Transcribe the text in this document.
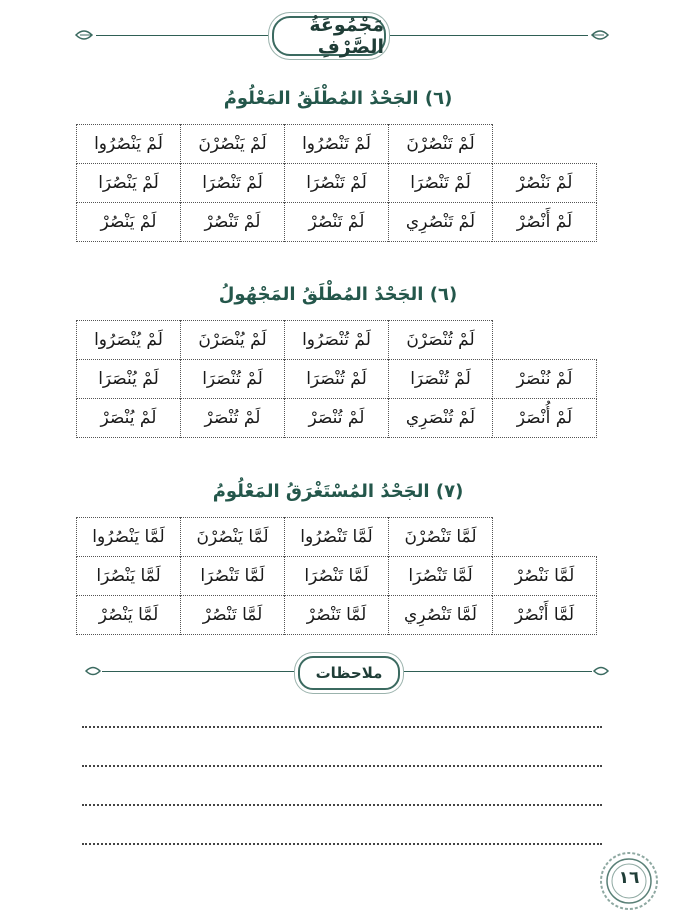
مَجْمُوعَةُ الصَّرْفِ
(٦) الجَحْدُ المُطْلَقُ المَعْلُومُ
	لَمْ تَنْصُرْنَ	لَمْ تَنْصُرُوا	لَمْ يَنْصُرْنَ	لَمْ يَنْصُرُوا
لَمْ نَنْصُرْ	لَمْ تَنْصُرَا	لَمْ تَنْصُرَا	لَمْ تَنْصُرَا	لَمْ يَنْصُرَا
لَمْ أَنْصُرْ	لَمْ تَنْصُرِي	لَمْ تَنْصُرْ	لَمْ تَنْصُرْ	لَمْ يَنْصُرْ
(٦) الجَحْدُ المُطْلَقُ المَجْهُولُ
	لَمْ تُنْصَرْنَ	لَمْ تُنْصَرُوا	لَمْ يُنْصَرْنَ	لَمْ يُنْصَرُوا
لَمْ نُنْصَرْ	لَمْ تُنْصَرَا	لَمْ تُنْصَرَا	لَمْ تُنْصَرَا	لَمْ يُنْصَرَا
لَمْ أُنْصَرْ	لَمْ تُنْصَرِي	لَمْ تُنْصَرْ	لَمْ تُنْصَرْ	لَمْ يُنْصَرْ
(٧) الجَحْدُ المُسْتَغْرَقُ المَعْلُومُ
	لَمَّا تَنْصُرْنَ	لَمَّا تَنْصُرُوا	لَمَّا يَنْصُرْنَ	لَمَّا يَنْصُرُوا
لَمَّا نَنْصُرْ	لَمَّا تَنْصُرَا	لَمَّا تَنْصُرَا	لَمَّا تَنْصُرَا	لَمَّا يَنْصُرَا
لَمَّا أَنْصُرْ	لَمَّا تَنْصُرِي	لَمَّا تَنْصُرْ	لَمَّا تَنْصُرْ	لَمَّا يَنْصُرْ
ملاحظات
١٦
